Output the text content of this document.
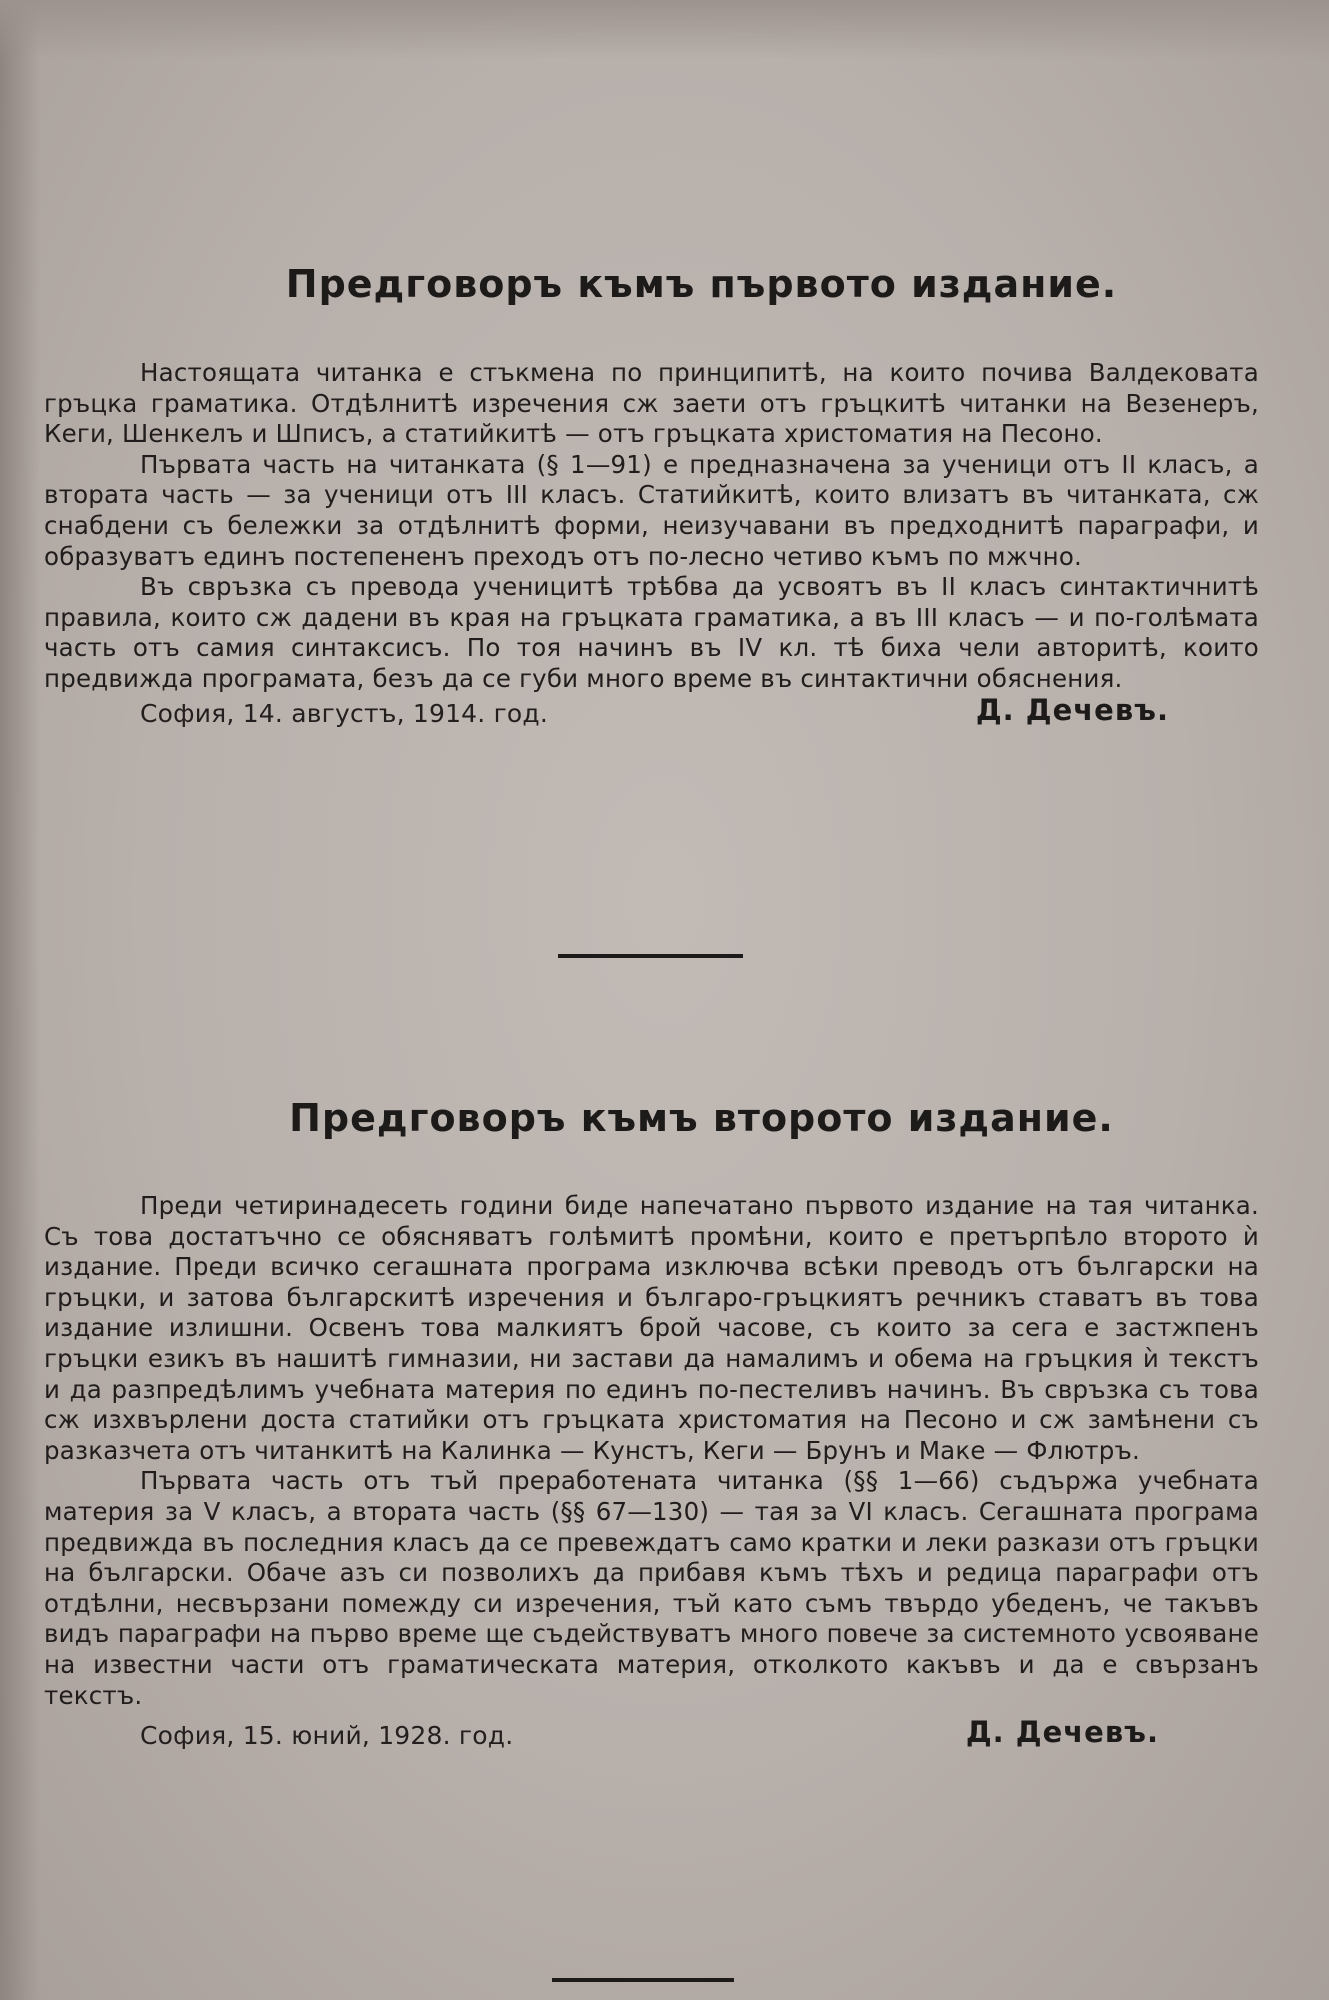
Предговоръ къмъ първото издание.

Настоящата читанка е стъкмена по принципитѣ, на които почива Валдековата гръцка граматика. Отдѣлнитѣ изречения сж заети отъ гръцкитѣ читанки на Везенеръ, Кеги, Шенкелъ и Шписъ, а статийкитѣ — отъ гръцката христоматия на Песоно.

Първата часть на читанката (§ 1—91) е предназначена за ученици отъ II класъ, а втората часть — за ученици отъ III класъ. Статийкитѣ, които влизатъ въ читанката, сж снабдени съ бележки за отдѣлнитѣ форми, неизучавани въ предходнитѣ параграфи, и образуватъ единъ постепененъ преходъ отъ по-лесно четиво къмъ по мжчно.

Въ свръзка съ превода ученицитѣ трѣбва да усвоятъ въ II класъ синтактичнитѣ правила, които сж дадени въ края на гръцката граматика, а въ III класъ — и по-голѣмата часть отъ самия синтаксисъ. По тоя начинъ въ IV кл. тѣ биха чели авторитѣ, които предвиждa програмата, безъ да се губи много време въ синтактични обяснения.

София, 14. августъ, 1914. год.	Д. Дечевъ.
Предговоръ къмъ второто издание.

Преди четиринадесеть години биде напечатано първото издание на тая читанка. Съ това достатъчно се обясняватъ голѣмитѣ промѣни, които е претърпѣло второто ѝ издание. Преди всичко сегашната програма изключва всѣки преводъ отъ български на гръцки, и затова българскитѣ изречения и българо-гръцкиятъ речникъ ставатъ въ това издание излишни. Освенъ това малкиятъ брой часове, съ които за сега е застжпенъ гръцки езикъ въ нашитѣ гимназии, ни застави да намалимъ и обема на гръцкия ѝ текстъ и да разпредѣлимъ учебната материя по единъ по-пестеливъ начинъ. Въ свръзка съ това сж изхвърлени доста статийки отъ гръцката христоматия на Песоно и сж замѣнени съ разказчета отъ читанкитѣ на Калинка — Кунстъ, Кеги — Брунъ и Маке — Флютръ.

Първата часть отъ тъй преработената читанка (§§ 1—66) съдържа учебната материя за V класъ, а втората часть (§§ 67—130) — тая за VI класъ. Сегашната програма предвижда въ последния класъ да се превеждатъ само кратки и леки разкази отъ гръцки на български. Обаче азъ си позволихъ да прибавя къмъ тѣхъ и редица параграфи отъ отдѣлни, несвързани помежду си изречения, тъй като съмъ твърдо убеденъ, че такъвъ видъ параграфи на първо време ще съдействуватъ много повече за системното усвояване на известни части отъ граматическата материя, отколкото какъвъ и да е свързанъ текстъ.

София, 15. юний, 1928. год.	Д. Дечевъ.
